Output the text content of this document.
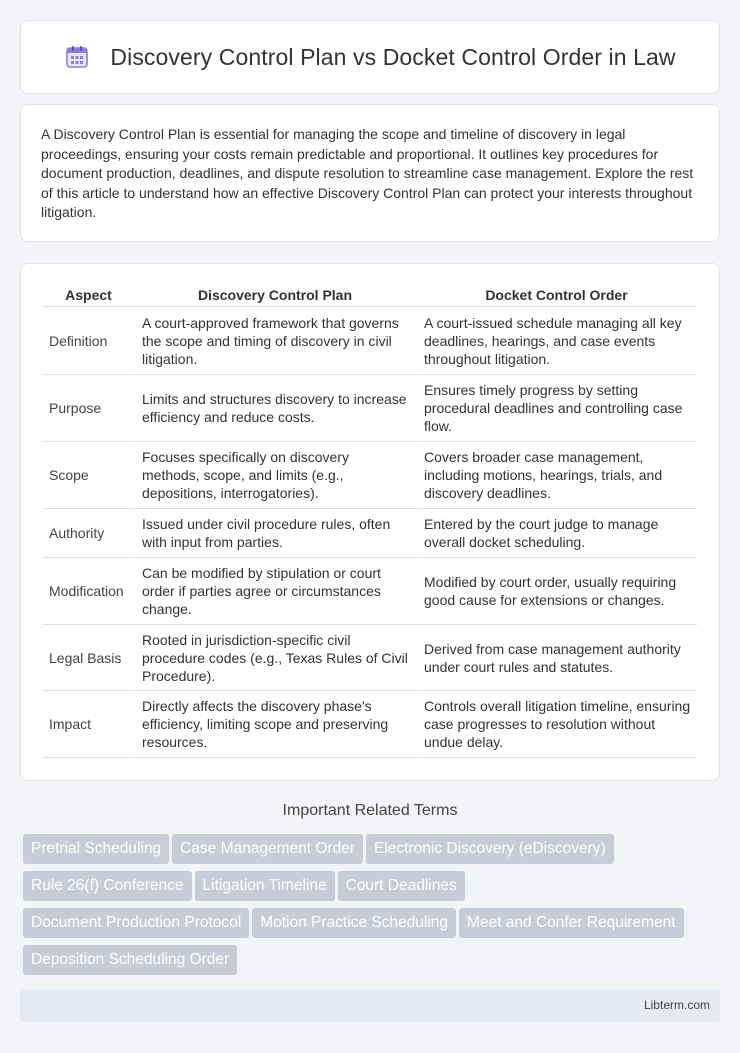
Discovery Control Plan vs Docket Control Order in Law

A Discovery Control Plan is essential for managing the scope and timeline of discovery in legal proceedings, ensuring your costs remain predictable and proportional. It outlines key procedures for document production, deadlines, and dispute resolution to streamline case management. Explore the rest of this article to understand how an effective Discovery Control Plan can protect your interests throughout litigation.

Aspect	Discovery Control Plan	Docket Control Order
Definition	A court-approved framework that governs the scope and timing of discovery in civil litigation.	A court-issued schedule managing all key deadlines, hearings, and case events throughout litigation.
Purpose	Limits and structures discovery to increase efficiency and reduce costs.	Ensures timely progress by setting procedural deadlines and controlling case flow.
Scope	Focuses specifically on discovery methods, scope, and limits (e.g., depositions, interrogatories).	Covers broader case management, including motions, hearings, trials, and discovery deadlines.
Authority	Issued under civil procedure rules, often with input from parties.	Entered by the court judge to manage overall docket scheduling.
Modification	Can be modified by stipulation or court order if parties agree or circumstances change.	Modified by court order, usually requiring good cause for extensions or changes.
Legal Basis	Rooted in jurisdiction-specific civil procedure codes (e.g., Texas Rules of Civil Procedure).	Derived from case management authority under court rules and statutes.
Impact	Directly affects the discovery phase's efficiency, limiting scope and preserving resources.	Controls overall litigation timeline, ensuring case progresses to resolution without undue delay.
Important Related Terms
Pretrial Scheduling Case Management Order Electronic Discovery (eDiscovery)
Rule 26(f) Conference Litigation Timeline Court Deadlines
Document Production Protocol Motion Practice Scheduling Meet and Confer Requirement
Deposition Scheduling Order
Libterm.com
